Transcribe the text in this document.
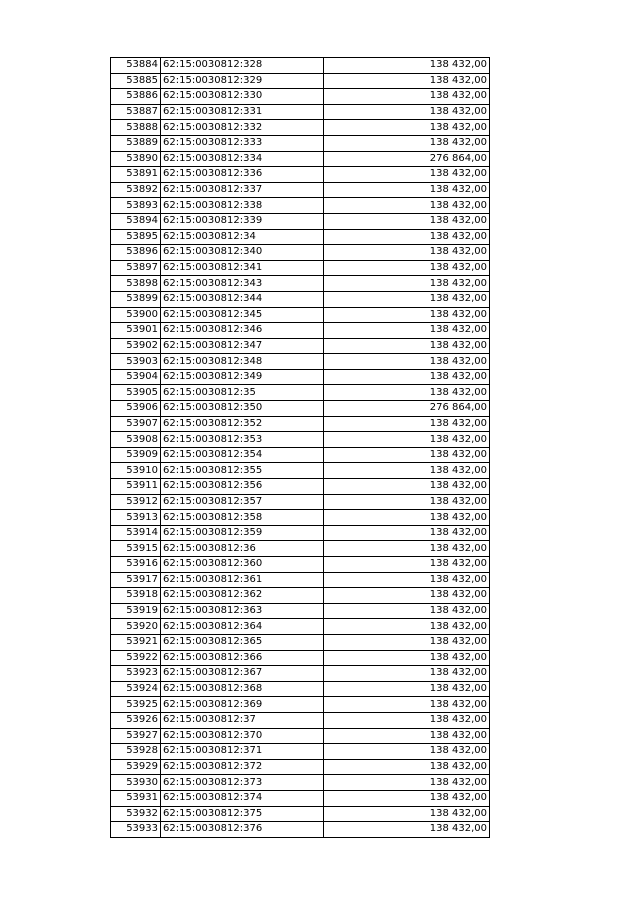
53884	62:15:0030812:328	138 432,00
53885	62:15:0030812:329	138 432,00
53886	62:15:0030812:330	138 432,00
53887	62:15:0030812:331	138 432,00
53888	62:15:0030812:332	138 432,00
53889	62:15:0030812:333	138 432,00
53890	62:15:0030812:334	276 864,00
53891	62:15:0030812:336	138 432,00
53892	62:15:0030812:337	138 432,00
53893	62:15:0030812:338	138 432,00
53894	62:15:0030812:339	138 432,00
53895	62:15:0030812:34	138 432,00
53896	62:15:0030812:340	138 432,00
53897	62:15:0030812:341	138 432,00
53898	62:15:0030812:343	138 432,00
53899	62:15:0030812:344	138 432,00
53900	62:15:0030812:345	138 432,00
53901	62:15:0030812:346	138 432,00
53902	62:15:0030812:347	138 432,00
53903	62:15:0030812:348	138 432,00
53904	62:15:0030812:349	138 432,00
53905	62:15:0030812:35	138 432,00
53906	62:15:0030812:350	276 864,00
53907	62:15:0030812:352	138 432,00
53908	62:15:0030812:353	138 432,00
53909	62:15:0030812:354	138 432,00
53910	62:15:0030812:355	138 432,00
53911	62:15:0030812:356	138 432,00
53912	62:15:0030812:357	138 432,00
53913	62:15:0030812:358	138 432,00
53914	62:15:0030812:359	138 432,00
53915	62:15:0030812:36	138 432,00
53916	62:15:0030812:360	138 432,00
53917	62:15:0030812:361	138 432,00
53918	62:15:0030812:362	138 432,00
53919	62:15:0030812:363	138 432,00
53920	62:15:0030812:364	138 432,00
53921	62:15:0030812:365	138 432,00
53922	62:15:0030812:366	138 432,00
53923	62:15:0030812:367	138 432,00
53924	62:15:0030812:368	138 432,00
53925	62:15:0030812:369	138 432,00
53926	62:15:0030812:37	138 432,00
53927	62:15:0030812:370	138 432,00
53928	62:15:0030812:371	138 432,00
53929	62:15:0030812:372	138 432,00
53930	62:15:0030812:373	138 432,00
53931	62:15:0030812:374	138 432,00
53932	62:15:0030812:375	138 432,00
53933	62:15:0030812:376	138 432,00
